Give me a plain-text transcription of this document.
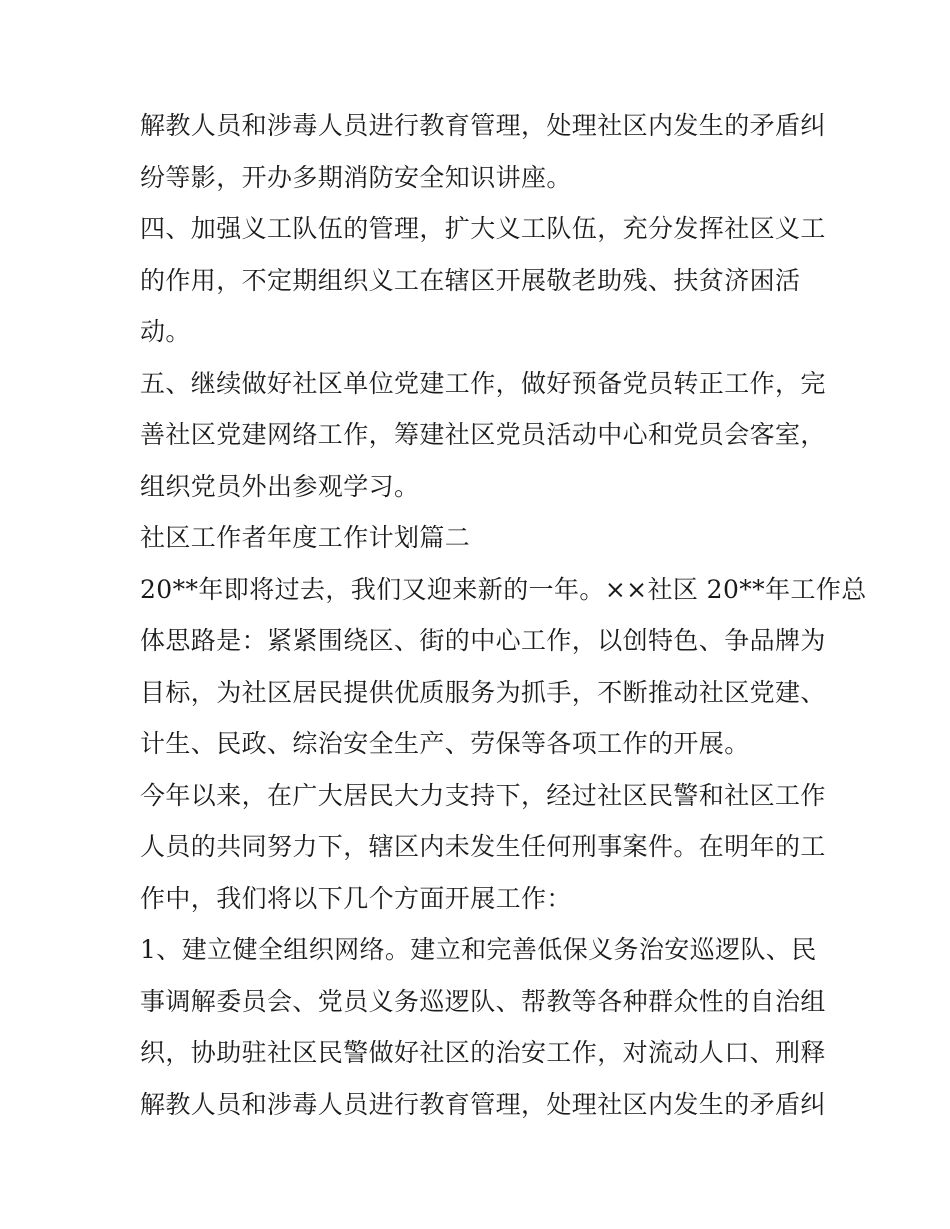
解教人员和涉毒人员进行教育管理，处理社区内发生的矛盾纠
纷等影，开办多期消防安全知识讲座。
四、加强义工队伍的管理，扩大义工队伍，充分发挥社区义工
的作用，不定期组织义工在辖区开展敬老助残、扶贫济困活
动。
五、继续做好社区单位党建工作，做好预备党员转正工作，完
善社区党建网络工作，筹建社区党员活动中心和党员会客室，
组织党员外出参观学习。
社区工作者年度工作计划篇二
20**年即将过去，我们又迎来新的一年。××社区 20**年工作总
体思路是：紧紧围绕区、街的中心工作，以创特色、争品牌为
目标，为社区居民提供优质服务为抓手，不断推动社区党建、
计生、民政、综治安全生产、劳保等各项工作的开展。
今年以来，在广大居民大力支持下，经过社区民警和社区工作
人员的共同努力下，辖区内未发生任何刑事案件。在明年的工
作中，我们将以下几个方面开展工作：
1、建立健全组织网络。建立和完善低保义务治安巡逻队、民
事调解委员会、党员义务巡逻队、帮教等各种群众性的自治组
织，协助驻社区民警做好社区的治安工作，对流动人口、刑释
解教人员和涉毒人员进行教育管理，处理社区内发生的矛盾纠
